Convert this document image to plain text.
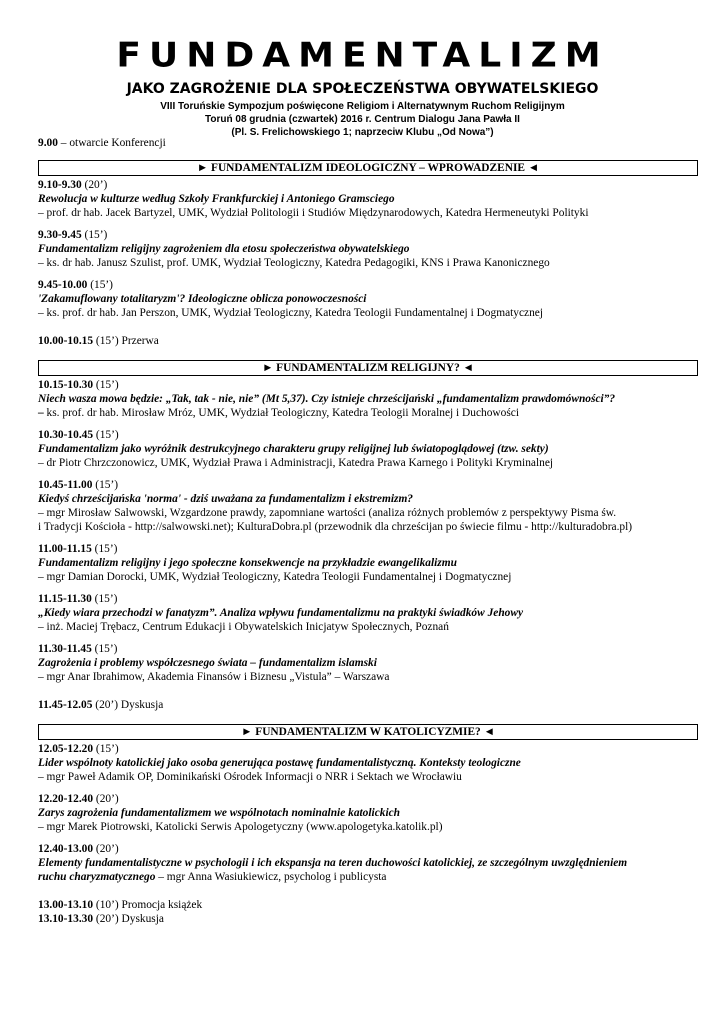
FUNDAMENTALIZM
JAKO ZAGROŻENIE DLA SPOŁECZEŃSTWA OBYWATELSKIEGO
VIII Toruńskie Sympozjum poświęcone Religiom i Alternatywnym Ruchom Religijnym
Toruń 08 grudnia (czwartek) 2016 r. Centrum Dialogu Jana Pawła II
(Pl. S. Frelichowskiego 1; naprzeciw Klubu „Od Nowa”)

9.00 – otwarcie Konferencji

► FUNDAMENTALIZM IDEOLOGICZNY – WPROWADZENIE ◄

9.10-9.30 (20’)

Rewolucja w kulturze według Szkoły Frankfurckiej i Antoniego Gramsciego

– prof. dr hab. Jacek Bartyzel, UMK, Wydział Politologii i Studiów Międzynarodowych, Katedra Hermeneutyki Polityki

9.30-9.45 (15’)

Fundamentalizm religijny zagrożeniem dla etosu społeczeństwa obywatelskiego

– ks. dr hab. Janusz Szulist, prof. UMK, Wydział Teologiczny, Katedra Pedagogiki, KNS i Prawa Kanonicznego

9.45-10.00 (15’)

'Zakamuflowany totalitaryzm'? Ideologiczne oblicza ponowoczesności

– ks. prof. dr hab. Jan Perszon, UMK, Wydział Teologiczny, Katedra Teologii Fundamentalnej i Dogmatycznej

10.00-10.15 (15’) Przerwa

► FUNDAMENTALIZM RELIGIJNY? ◄

10.15-10.30 (15’)

Niech wasza mowa będzie: „Tak, tak - nie, nie” (Mt 5,37). Czy istnieje chrześcijański „fundamentalizm prawdomówności”?

– ks. prof. dr hab. Mirosław Mróz, UMK, Wydział Teologiczny, Katedra Teologii Moralnej i Duchowości

10.30-10.45 (15’)

Fundamentalizm jako wyróżnik destrukcyjnego charakteru grupy religijnej lub światopoglądowej (tzw. sekty)

– dr Piotr Chrzczonowicz, UMK, Wydział Prawa i Administracji, Katedra Prawa Karnego i Polityki Kryminalnej

10.45-11.00 (15’)

Kiedyś chrześcijańska 'norma' - dziś uważana za fundamentalizm i ekstremizm?

– mgr Mirosław Salwowski, Wzgardzone prawdy, zapomniane wartości (analiza różnych problemów z perspektywy Pisma św.

i Tradycji Kościoła - http://salwowski.net); KulturaDobra.pl (przewodnik dla chrześcijan po świecie filmu - http://kulturadobra.pl)

11.00-11.15 (15’)

Fundamentalizm religijny i jego społeczne konsekwencje na przykładzie ewangelikalizmu

– mgr Damian Dorocki, UMK, Wydział Teologiczny, Katedra Teologii Fundamentalnej i Dogmatycznej

11.15-11.30 (15’)

„Kiedy wiara przechodzi w fanatyzm”. Analiza wpływu fundamentalizmu na praktyki świadków Jehowy

– inż. Maciej Trębacz, Centrum Edukacji i Obywatelskich Inicjatyw Społecznych, Poznań

11.30-11.45 (15’)

Zagrożenia i problemy współczesnego świata – fundamentalizm islamski

– mgr Anar Ibrahimow, Akademia Finansów i Biznesu „Vistula” – Warszawa

11.45-12.05 (20’) Dyskusja

► FUNDAMENTALIZM W KATOLICYZMIE? ◄

12.05-12.20 (15’)

Lider wspólnoty katolickiej jako osoba generująca postawę fundamentalistyczną. Konteksty teologiczne

– mgr Paweł Adamik OP, Dominikański Ośrodek Informacji o NRR i Sektach we Wrocławiu

12.20-12.40 (20’)

Zarys zagrożenia fundamentalizmem we wspólnotach nominalnie katolickich

– mgr Marek Piotrowski, Katolicki Serwis Apologetyczny (www.apologetyka.katolik.pl)

12.40-13.00 (20’)

Elementy fundamentalistyczne w psychologii i ich ekspansja na teren duchowości katolickiej, ze szczególnym uwzględnieniem

ruchu charyzmatycznego – mgr Anna Wasiukiewicz, psycholog i publicysta

13.00-13.10 (10’) Promocja książek

13.10-13.30 (20’) Dyskusja
